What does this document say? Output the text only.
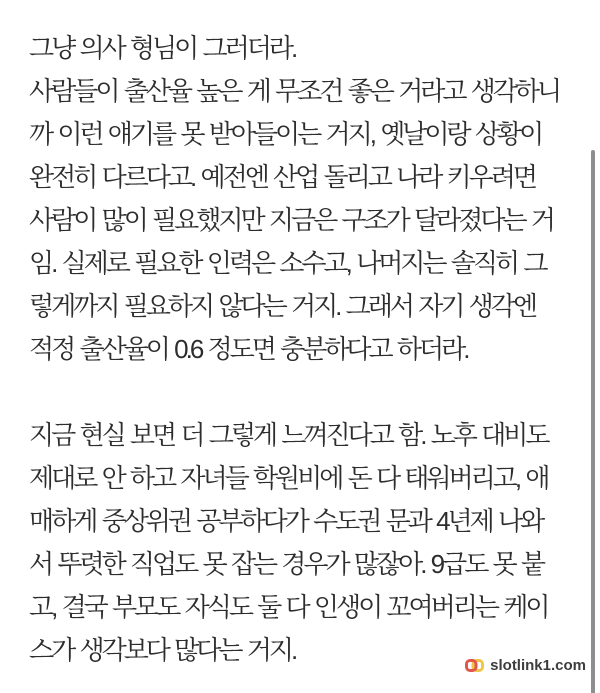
그냥 의사 형님이 그러더라.
사람들이 출산율 높은 게 무조건 좋은 거라고 생각하니
까 이런 얘기를 못 받아들이는 거지, 옛날이랑 상황이
완전히 다르다고. 예전엔 산업 돌리고 나라 키우려면
사람이 많이 필요했지만 지금은 구조가 달라졌다는 거
임. 실제로 필요한 인력은 소수고, 나머지는 솔직히 그
렇게까지 필요하지 않다는 거지. 그래서 자기 생각엔
적정 출산율이 0.6 정도면 충분하다고 하더라.
지금 현실 보면 더 그렇게 느껴진다고 함. 노후 대비도
제대로 안 하고 자녀들 학원비에 돈 다 태워버리고, 애
매하게 중상위권 공부하다가 수도권 문과 4년제 나와
서 뚜렷한 직업도 못 잡는 경우가 많잖아. 9급도 못 붙
고, 결국 부모도 자식도 둘 다 인생이 꼬여버리는 케이
스가 생각보다 많다는 거지.
slotlink1.com
